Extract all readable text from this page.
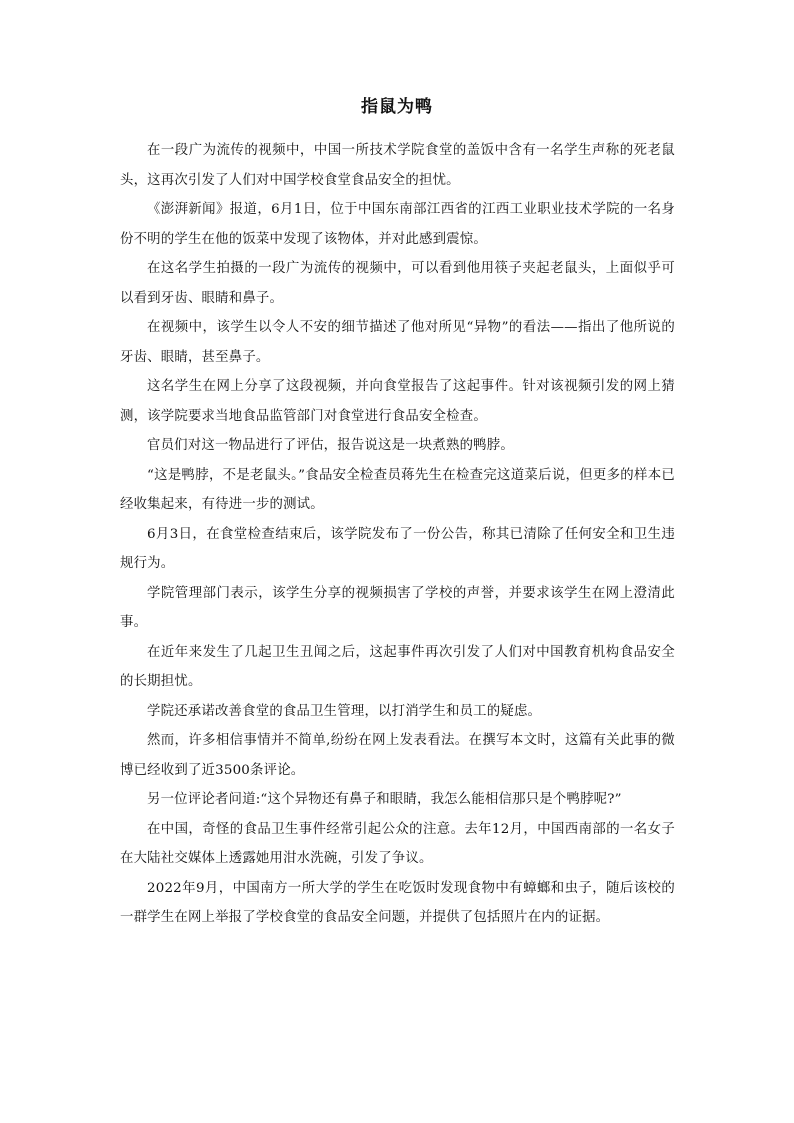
指鼠为鸭

在一段广为流传的视频中，中国一所技术学院食堂的盖饭中含有一名学生声称的死老鼠头，这再次引发了人们对中国学校食堂食品安全的担忧。

《澎湃新闻》报道，6月1日，位于中国东南部江西省的江西工业职业技术学院的一名身份不明的学生在他的饭菜中发现了该物体，并对此感到震惊。

在这名学生拍摄的一段广为流传的视频中，可以看到他用筷子夹起老鼠头，上面似乎可以看到牙齿、眼睛和鼻子。

在视频中，该学生以令人不安的细节描述了他对所见“异物”的看法——指出了他所说的牙齿、眼睛，甚至鼻子。

这名学生在网上分享了这段视频，并向食堂报告了这起事件。针对该视频引发的网上猜测，该学院要求当地食品监管部门对食堂进行食品安全检查。

官员们对这一物品进行了评估，报告说这是一块煮熟的鸭脖。

“这是鸭脖，不是老鼠头。”食品安全检查员蒋先生在检查完这道菜后说，但更多的样本已经收集起来，有待进一步的测试。

6月3日，在食堂检查结束后，该学院发布了一份公告，称其已清除了任何安全和卫生违规行为。

学院管理部门表示，该学生分享的视频损害了学校的声誉，并要求该学生在网上澄清此事。

在近年来发生了几起卫生丑闻之后，这起事件再次引发了人们对中国教育机构食品安全的长期担忧。

学院还承诺改善食堂的食品卫生管理，以打消学生和员工的疑虑。

然而，许多相信事情并不简单,纷纷在网上发表看法。在撰写本文时，这篇有关此事的微博已经收到了近3500条评论。

另一位评论者问道:“这个异物还有鼻子和眼睛，我怎么能相信那只是个鸭脖呢?”

在中国，奇怪的食品卫生事件经常引起公众的注意。去年12月，中国西南部的一名女子在大陆社交媒体上透露她用泔水洗碗，引发了争议。

2022年9月，中国南方一所大学的学生在吃饭时发现食物中有蟑螂和虫子，随后该校的一群学生在网上举报了学校食堂的食品安全问题，并提供了包括照片在内的证据。
